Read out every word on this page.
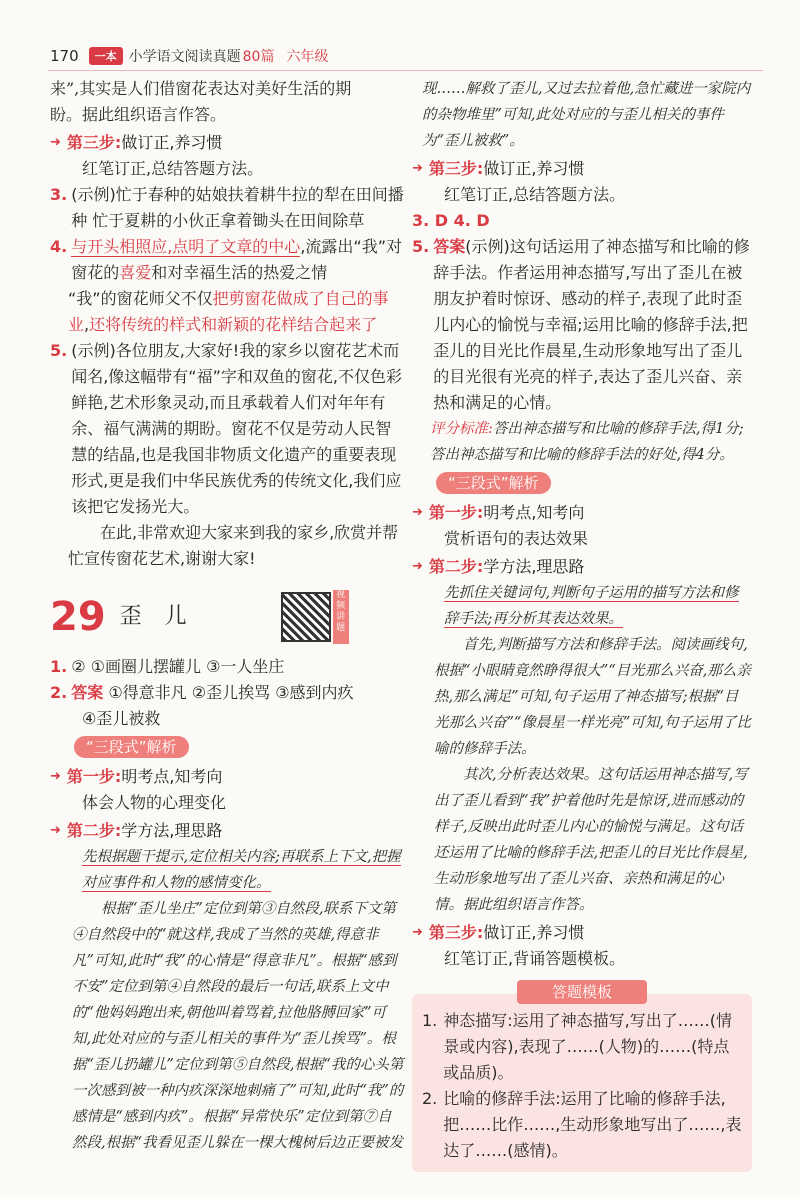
170	一本 小学语文阅读真题 80篇 六年级

来”,其实是人们借窗花表达对美好生活的期

盼。据此组织语言作答。

➜ 第三步: 做订正,养习惯

红笔订正,总结答题方法。

3. (示例)忙于春种的姑娘扶着耕牛拉的犁在田间播种 忙于夏耕的小伙正拿着锄头在田间除草
4. 与开头相照应,点明了文章的中心,流露出“我”对窗花的喜爱和对幸福生活的热爱之情

“我”的窗花师父不仅把剪窗花做成了自己的事业,还将传统的样式和新颖的花样结合起来了

5. (示例)各位朋友,大家好!我的家乡以窗花艺术而闻名,像这幅带有“福”字和双鱼的窗花,不仅色彩鲜艳,艺术形象灵动,而且承载着人们对年年有余、福气满满的期盼。窗花不仅是劳动人民智慧的结晶,也是我国非物质文化遗产的重要表现形式,更是我们中华民族优秀的传统文化,我们应该把它发扬光大。

在此,非常欢迎大家来到我的家乡,欣赏并帮忙宣传窗花艺术,谢谢大家!

29 歪 儿
视频讲题
1. ② ①画圈儿摆罐儿 ③一人坐庄
2. 答案 ①得意非凡 ②歪儿挨骂 ③感到内疚

④歪儿被救

“三段式”解析
➜ 第一步: 明考点,知考向

体会人物的心理变化

➜ 第二步: 学方法,理思路

先根据题干提示,定位相关内容;再联系上下文,把握对应事件和人物的感情变化。

根据“歪儿坐庄”定位到第③自然段,联系下文第④自然段中的“就这样,我成了当然的英雄,得意非凡”可知,此时“我”的心情是“得意非凡”。根据“感到不安”定位到第④自然段的最后一句话,联系上文中的“他妈妈跑出来,朝他叫着骂着,拉他胳膊回家”可知,此处对应的与歪儿相关的事件为“歪儿挨骂”。根据“歪儿扔罐儿”定位到第⑤自然段,根据“我的心头第一次感到被一种内疚深深地刺痛了”可知,此时“我”的感情是“感到内疚”。根据“异常快乐”定位到第⑦自然段,根据“我看见歪儿躲在一棵大槐树后边正要被发

现……解救了歪儿,又过去拉着他,急忙藏进一家院内的杂物堆里”可知,此处对应的与歪儿相关的事件为“歪儿被救”。

➜ 第三步: 做订正,养习惯

红笔订正,总结答题方法。

3. D 4. D

5. 答案(示例)这句话运用了神态描写和比喻的修辞手法。作者运用神态描写,写出了歪儿在被朋友护着时惊讶、感动的样子,表现了此时歪儿内心的愉悦与幸福;运用比喻的修辞手法,把歪儿的目光比作晨星,生动形象地写出了歪儿的目光很有光亮的样子,表达了歪儿兴奋、亲热和满足的心情。

评分标准:答出神态描写和比喻的修辞手法,得1分;答出神态描写和比喻的修辞手法的好处,得4分。

“三段式”解析
➜ 第一步: 明考点,知考向

赏析语句的表达效果

➜ 第二步: 学方法,理思路

先抓住关键词句,判断句子运用的描写方法和修辞手法;再分析其表达效果。

首先,判断描写方法和修辞手法。阅读画线句,根据“小眼睛竟然睁得很大”“目光那么兴奋,那么亲热,那么满足”可知,句子运用了神态描写;根据“目光那么兴奋”“像晨星一样光亮”可知,句子运用了比喻的修辞手法。

其次,分析表达效果。这句话运用神态描写,写出了歪儿看到“我”护着他时先是惊讶,进而感动的样子,反映出此时歪儿内心的愉悦与满足。这句话还运用了比喻的修辞手法,把歪儿的目光比作晨星,生动形象地写出了歪儿兴奋、亲热和满足的心情。据此组织语言作答。

➜ 第三步: 做订正,养习惯

红笔订正,背诵答题模板。

答题模板
1. 神态描写:运用了神态描写,写出了……(情景或内容),表现了……(人物)的……(特点或品质)。
2. 比喻的修辞手法:运用了比喻的修辞手法,把……比作……,生动形象地写出了……,表达了……(感情)。
